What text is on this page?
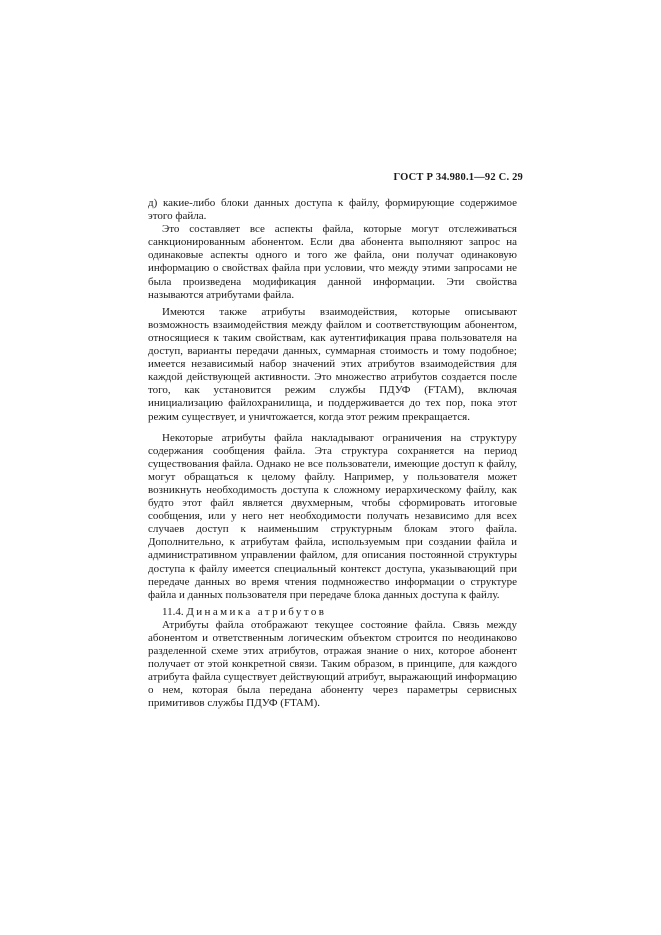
ГОСТ Р 34.980.1—92 С. 29

д) какие-либо блоки данных доступа к файлу, формирующие содержимое этого файла.

Это составляет все аспекты файла, которые могут отслеживаться санкционированным абонентом. Если два абонента выполняют запрос на одинаковые аспекты одного и того же файла, они получат одинаковую информацию о свойствах файла при условии, что между этими запросами не была произведена модификация данной информации. Эти свойства называются атрибутами файла.

Имеются также атрибуты взаимодействия, которые описывают возможность взаимодействия между файлом и соответствующим абонентом, относящиеся к таким свойствам, как аутентификация права пользователя на доступ, варианты передачи данных, суммарная стоимость и тому подобное; имеется независимый набор значений этих атрибутов взаимодействия для каждой действующей активности. Это множество атрибутов создается после того, как установится режим службы ПДУФ (FTAM), включая инициализацию файлохранилища, и поддерживается до тех пор, пока этот режим существует, и уничтожается, когда этот режим прекращается.

Некоторые атрибуты файла накладывают ограничения на структуру содержания сообщения файла. Эта структура сохраняется на период существования файла. Однако не все пользователи, имеющие доступ к файлу, могут обращаться к целому файлу. Например, у пользователя может возникнуть необходимость доступа к сложному иерархическому файлу, как будто этот файл является двухмерным, чтобы сформировать итоговые сообщения, или у него нет необходимости получать независимо для всех случаев доступ к наименьшим структурным блокам этого файла. Дополнительно, к атрибутам файла, используемым при создании файла и административном управлении файлом, для описания постоянной структуры доступа к файлу имеется специальный контекст доступа, указывающий при передаче данных во время чтения подмножество информации о структуре файла и данных пользователя при передаче блока данных доступа к файлу.

11.4. Динамика атрибутов

Атрибуты файла отображают текущее состояние файла. Связь между абонентом и ответственным логическим объектом строится по неодинаково разделенной схеме этих атрибутов, отражая знание о них, которое абонент получает от этой конкретной связи. Таким образом, в принципе, для каждого атрибута файла существует действующий атрибут, выражающий информацию о нем, которая была передана абоненту через параметры сервисных примитивов службы ПДУФ (FTAM).
